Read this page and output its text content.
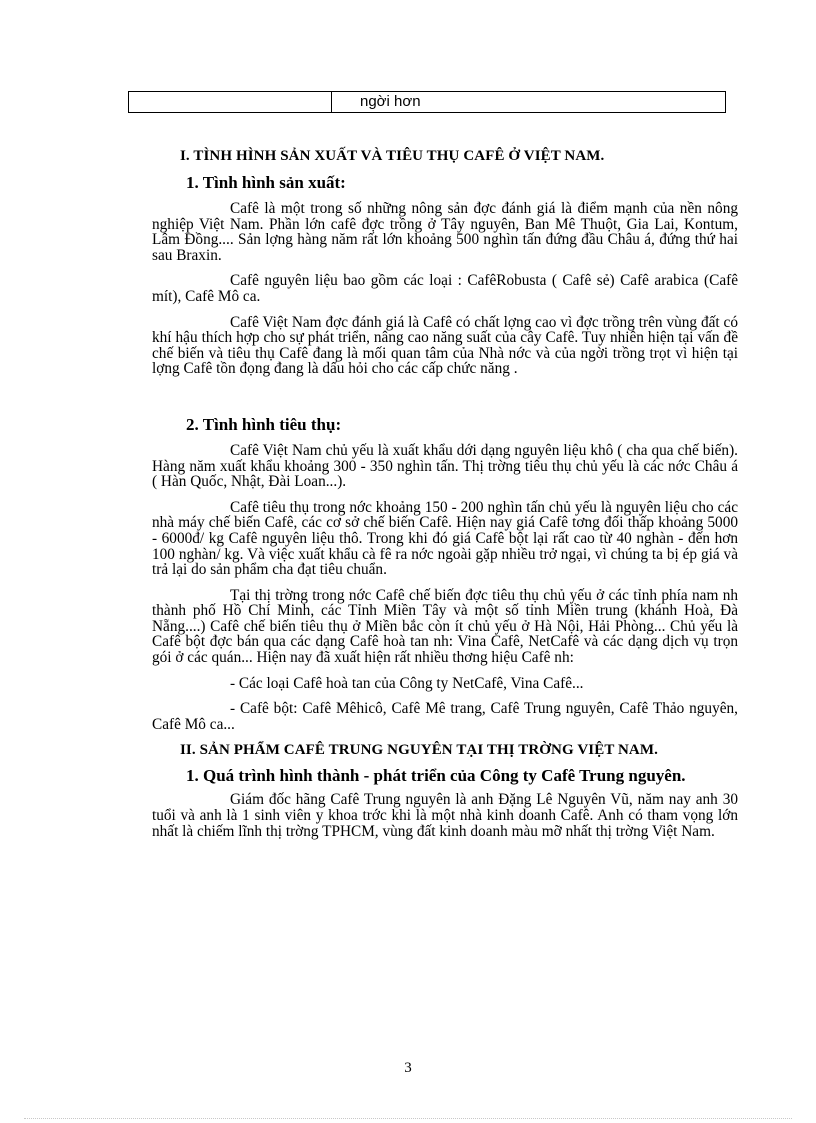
ngời hơn
I. TÌNH HÌNH SẢN XUẤT VÀ TIÊU THỤ CAFÊ Ở VIỆT NAM.
1. Tình hình sản xuất:

Cafê là một trong số những nông sản đợc đánh giá là điểm mạnh của nền nông nghiệp Việt Nam. Phần lớn cafê đợc trồng ở Tây nguyên, Ban Mê Thuột, Gia Lai, Kontum, Lâm Đồng.... Sản lợng hàng năm rất lớn khoảng 500 nghìn tấn đứng đầu Châu á, đứng thứ hai sau Braxin.

Cafê nguyên liệu bao gồm các loại : CafêRobusta ( Cafê sẻ) Cafê arabica (Cafê mít), Cafê Mô ca.

Cafê Việt Nam đợc đánh giá là Cafê có chất lợng cao vì đợc trồng trên vùng đất có khí hậu thích hợp cho sự phát triển, nâng cao năng suất của cây Cafê. Tuy nhiên hiện tại vấn đề chế biến và tiêu thụ Cafê đang là mối quan tâm của Nhà nớc và của ngời trồng trọt vì hiện tại lợng Cafê tồn đọng đang là dấu hỏi cho các cấp chức năng .

2. Tình hình tiêu thụ:

Cafê Việt Nam chủ yếu là xuất khẩu dới dạng nguyên liệu khô ( cha qua chế biến). Hàng năm xuất khẩu khoảng 300 - 350 nghìn tấn. Thị trờng tiêu thụ chủ yếu là các nớc Châu á ( Hàn Quốc, Nhật, Đài Loan...).

Cafê tiêu thụ trong nớc khoảng 150 - 200 nghìn tấn chủ yếu là nguyên liệu cho các nhà máy chế biến Cafê, các cơ sở chế biến Cafê. Hiện nay giá Cafê tơng đối thấp khoảng 5000 - 6000đ/ kg Cafê nguyên liệu thô. Trong khi đó giá Cafê bột lại rất cao từ 40 nghàn - đến hơn 100 nghàn/ kg. Và việc xuất khẩu cà fê ra nớc ngoài gặp nhiều trở ngại, vì chúng ta bị ép giá và trả lại do sản phẩm cha đạt tiêu chuẩn.

Tại thị trờng trong nớc Cafê chế biến đợc tiêu thụ chủ yếu ở các tỉnh phía nam nh thành phố Hồ Chí Minh, các Tỉnh Miền Tây và một số tỉnh Miền trung (khánh Hoà, Đà Nẵng....) Cafê chế biến tiêu thụ ở Miền bắc còn ít chủ yếu ở Hà Nội, Hải Phòng... Chủ yếu là Cafê bột đợc bán qua các dạng Cafê hoà tan nh: Vina Cafê, NetCafê và các dạng dịch vụ trọn gói ở các quán... Hiện nay đã xuất hiện rất nhiều thơng hiệu Cafê nh:

- Các loại Cafê hoà tan của Công ty NetCafê, Vina Cafê...

- Cafê bột: Cafê Mêhicô, Cafê Mê trang, Cafê Trung nguyên, Cafê Thảo nguyên, Cafê Mô ca...

II. SẢN PHẨM CAFÊ TRUNG NGUYÊN TẠI THỊ TRỜNG VIỆT NAM.
1. Quá trình hình thành - phát triển của Công ty Cafê Trung nguyên.

Giám đốc hãng Cafê Trung nguyên là anh Đặng Lê Nguyên Vũ, năm nay anh 30 tuổi và anh là 1 sinh viên y khoa trớc khi là một nhà kinh doanh Cafê. Anh có tham vọng lớn nhất là chiếm lĩnh thị trờng TPHCM, vùng đất kinh doanh màu mỡ nhất thị trờng Việt Nam.

3
